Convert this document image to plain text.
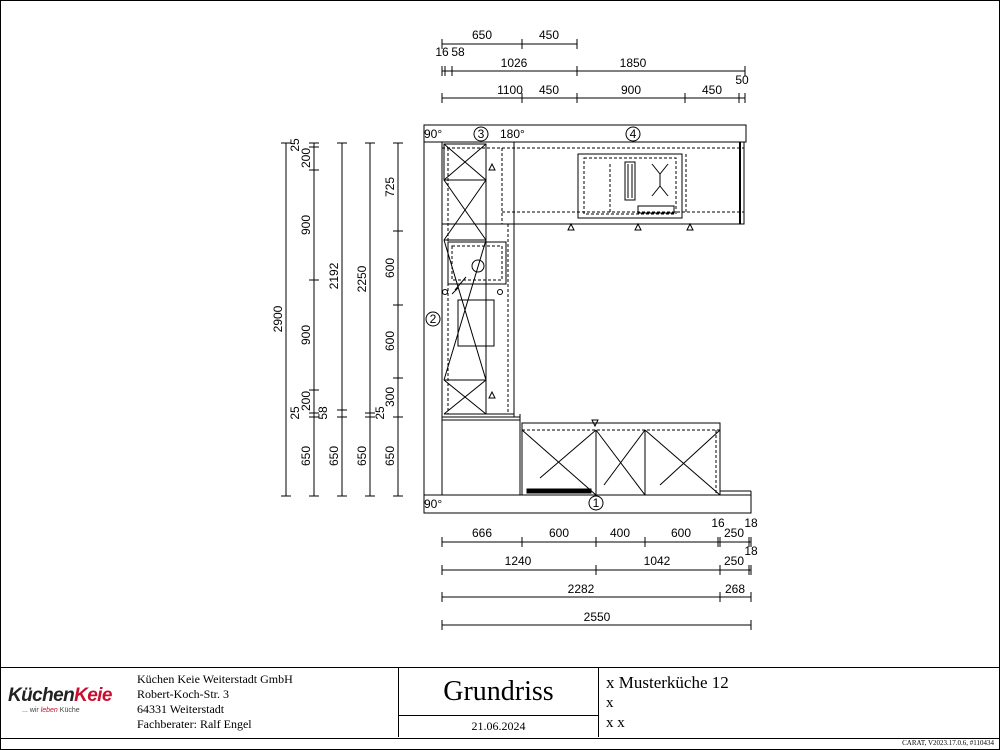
650	450
16 58
1026	1850
50
1100 450	900	450
2900
25
200
900
900
25
200
650
58
650
2192
650
2250
25
725
600
600
300
650
90°	180°
90°	1
2
3	4
666	600	400	600
16
250
18
1240	1042	250
18
2282	268
2550
KüchenKeie
... wir leben Küche
Küchen Keie Weiterstadt GmbH
Robert-Koch-Str. 3
64331 Weiterstadt
Fachberater: Ralf Engel
Grundriss
21.06.2024
x Musterküche 12
x
x x
CARAT, V2023.17.0.6, #110434
